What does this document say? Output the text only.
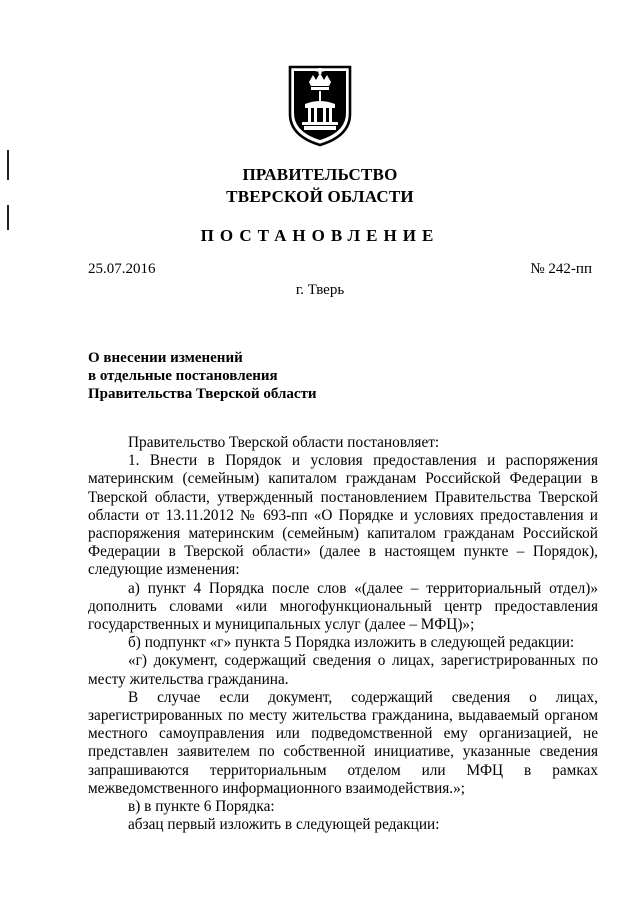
ПРАВИТЕЛЬСТВО
ТВЕРСКОЙ ОБЛАСТИ
ПОСТАНОВЛЕНИЕ
25.07.2016	№ 242-пп
г. Тверь
О внесении изменений
в отдельные постановления
Правительства Тверской области

Правительство Тверской области постановляет:

1. Внести в Порядок и условия предоставления и распоряжения материнским (семейным) капиталом гражданам Российской Федерации в Тверской области, утвержденный постановлением Правительства Тверской области от 13.11.2012 № 693-пп «О Порядке и условиях предоставления и распоряжения материнским (семейным) капиталом гражданам Российской Федерации в Тверской области» (далее в настоящем пункте – Порядок), следующие изменения:

а) пункт 4 Порядка после слов «(далее – территориальный отдел)» дополнить словами «или многофункциональный центр предоставления государственных и муниципальных услуг (далее – МФЦ)»;

б) подпункт «г» пункта 5 Порядка изложить в следующей редакции:

«г) документ, содержащий сведения о лицах, зарегистрированных по месту жительства гражданина.

В случае если документ, содержащий сведения о лицах, зарегистрированных по месту жительства гражданина, выдаваемый органом местного самоуправления или подведомственной ему организацией, не представлен заявителем по собственной инициативе, указанные сведения запрашиваются территориальным отделом или МФЦ в рамках межведомственного информационного взаимодействия.»;

в) в пункте 6 Порядка:

абзац первый изложить в следующей редакции:
